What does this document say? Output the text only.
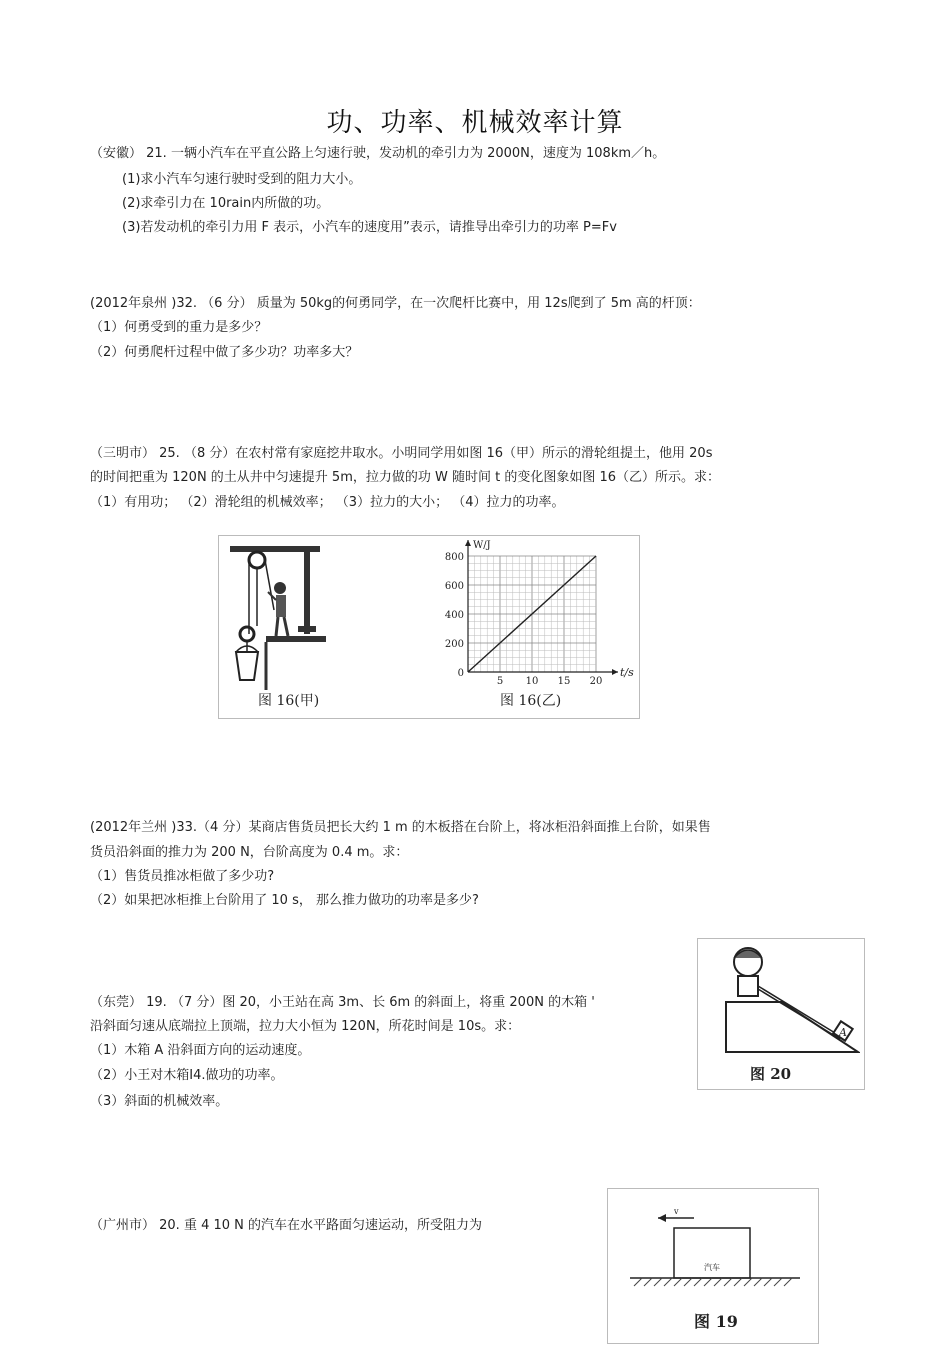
功、功率、机械效率计算
（安徽） 21. 一辆小汽车在平直公路上匀速行驶，发动机的牵引力为 2000N，速度为 108km／h。
(1)求小汽车匀速行驶时受到的阻力大小。
(2)求牵引力在 10rain内所做的功。
(3)若发动机的牵引力用 F 表示，小汽车的速度用”表示，请推导出牵引力的功率 P=Fv
(2012年泉州 )32. （6 分） 质量为 50kg的何勇同学，在一次爬杆比赛中，用 12s爬到了 5m 高的杆顶：
（1）何勇受到的重力是多少？
（2）何勇爬杆过程中做了多少功？功率多大？
（三明市） 25. （8 分）在农村常有家庭挖井取水。小明同学用如图 16（甲）所示的滑轮组提土，他用 20s
的时间把重为 120N 的土从井中匀速提升 5m，拉力做的功 W 随时间 t 的变化图象如图 16（乙）所示。求：
（1）有用功； （2）滑轮组的机械效率； （3）拉力的大小； （4）拉力的功率。
图 16(甲)
800
600
400
200
0
5 10 15 20
W/J
t/s
图 16(乙)
(2012年兰州 )33.（4 分）某商店售货员把长大约 1 m 的木板搭在台阶上，将冰柜沿斜面推上台阶，如果售
货员沿斜面的推力为 200 N，台阶高度为 0.4 m。求：
（1）售货员推冰柜做了多少功?
（2）如果把冰柜推上台阶用了 10 s， 那么推力做功的功率是多少?
（东莞） 19. （7 分）图 20，小王站在高 3m、长 6m 的斜面上，将重 200N 的木箱 '
沿斜面匀速从底端拉上顶端，拉力大小恒为 120N，所花时间是 10s。求：
（1）木箱 A 沿斜面方向的运动速度。
（2）小王对木箱I4.做功的功率。
（3）斜面的机械效率。
A
图 20
（广州市） 20. 重 4 10 N 的汽车在水平路面匀速运动，所受阻力为
v
汽车
图 19
